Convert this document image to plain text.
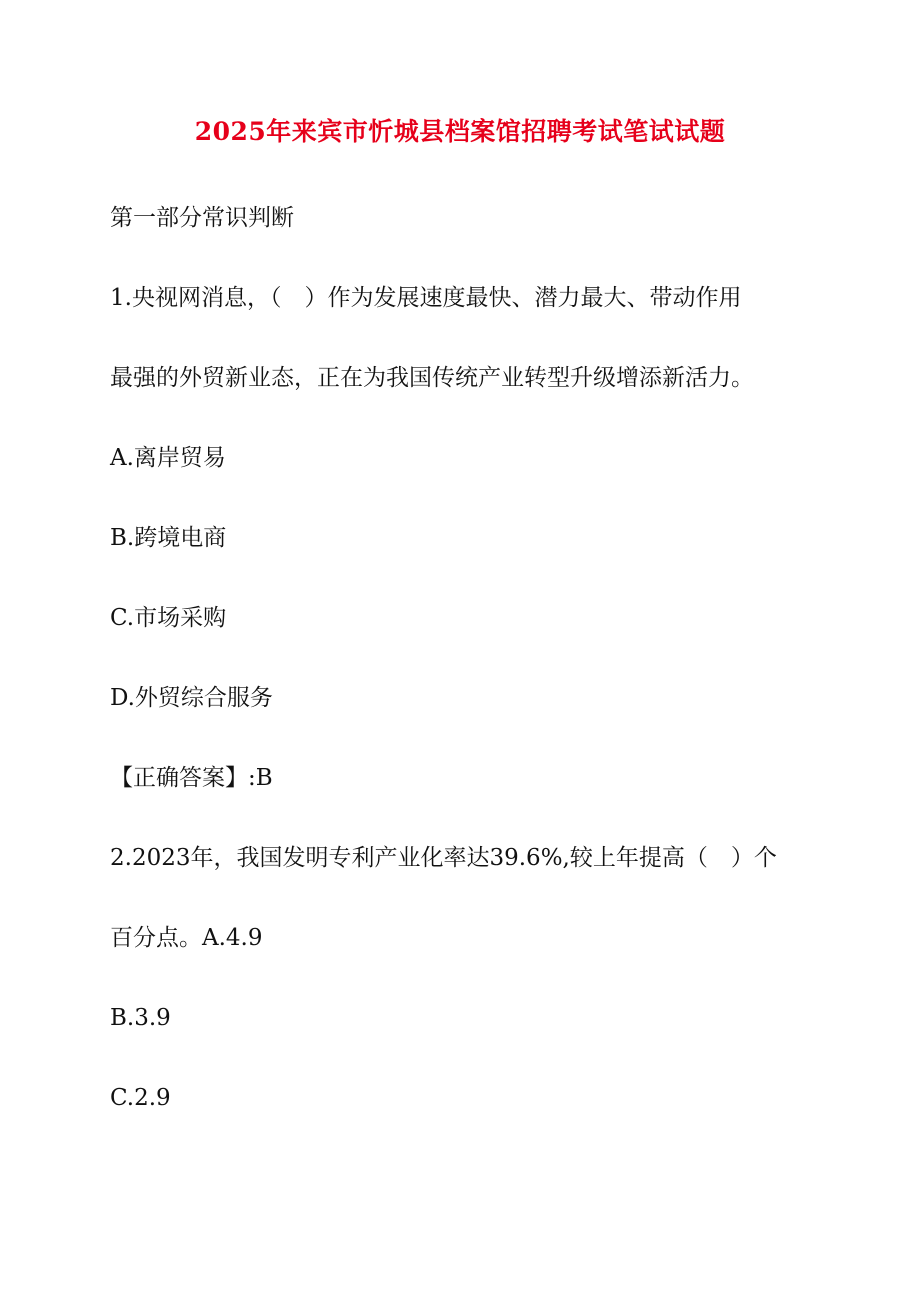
2025年来宾市忻城县档案馆招聘考试笔试试题
第一部分常识判断
1.央视网消息，（　）作为发展速度最快、潜力最大、带动作用
最强的外贸新业态，正在为我国传统产业转型升级增添新活力。
A.离岸贸易
B.跨境电商
C.市场采购
D.外贸综合服务
【正确答案】:B
2.2023年，我国发明专利产业化率达39.6%,较上年提高（　）个
百分点。A.4.9
B.3.9
C.2.9
